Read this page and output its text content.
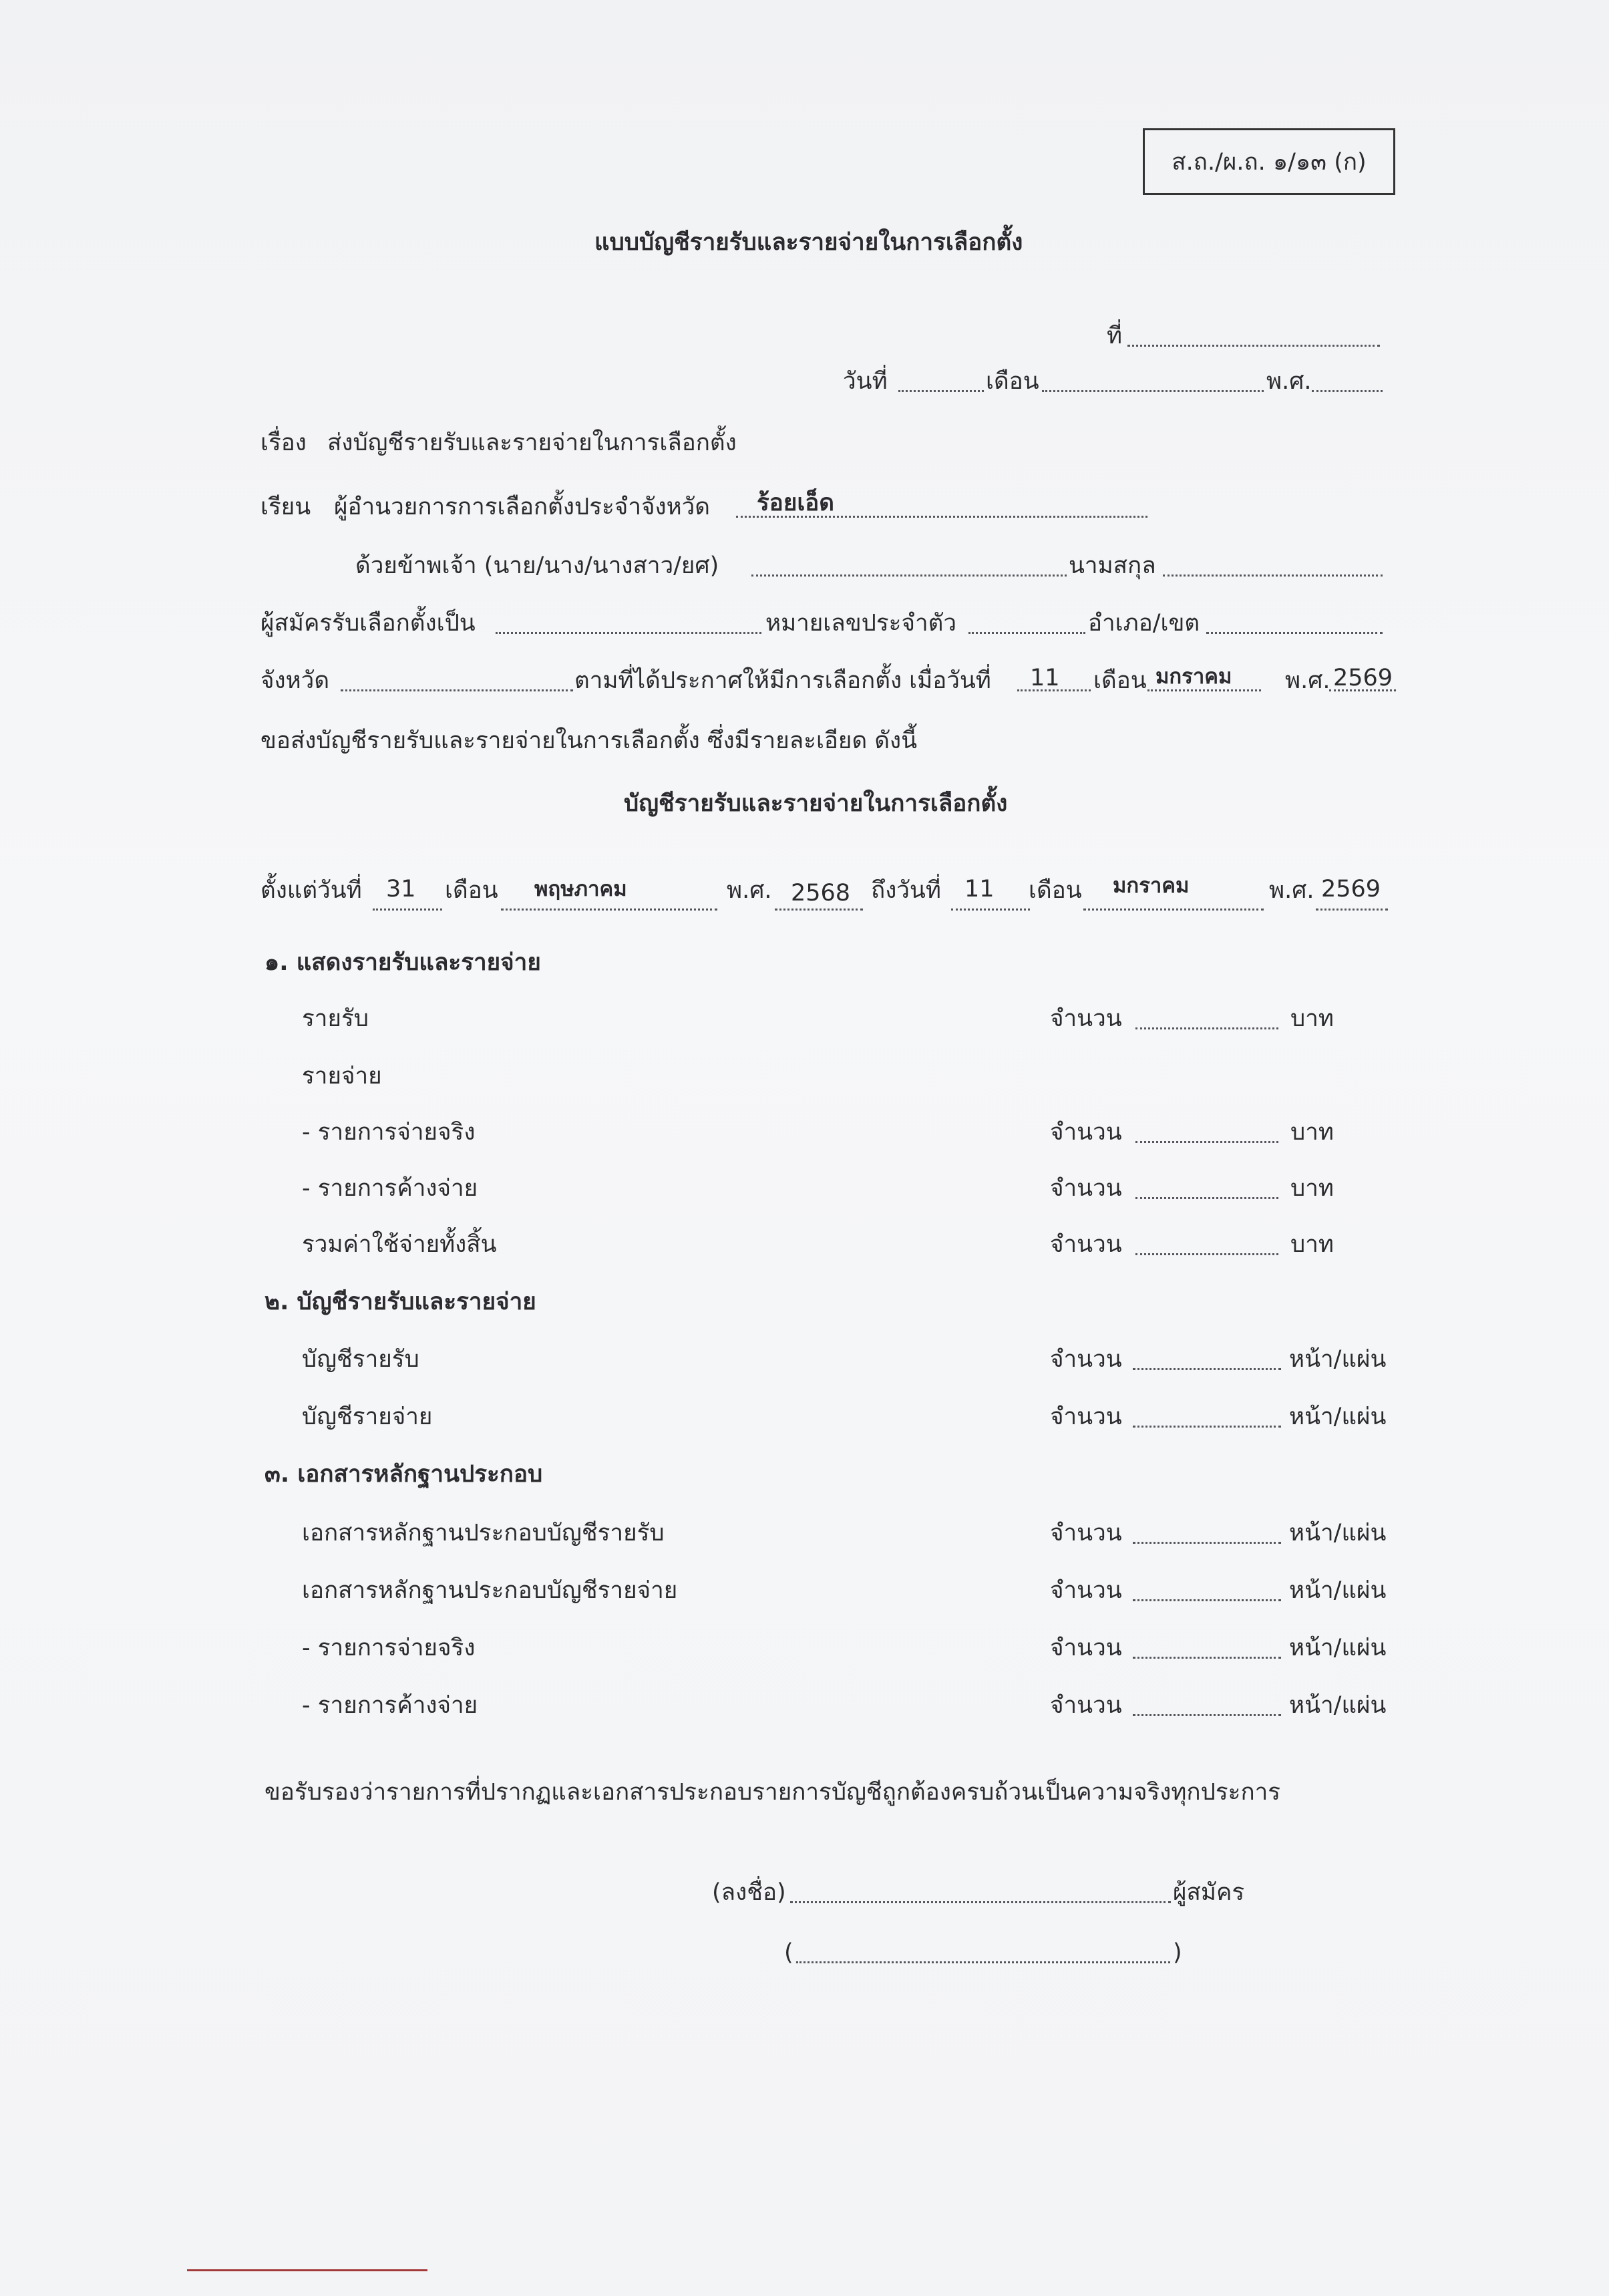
ส.ถ./ผ.ถ. ๑/๑๓ (ก)
แบบบัญชีรายรับและรายจ่ายในการเลือกตั้ง
ที่
วันที่	เดือน	พ.ศ.
เรื่อง ส่งบัญชีรายรับและรายจ่ายในการเลือกตั้ง
เรียน ผู้อำนวยการการเลือกตั้งประจำจังหวัด ร้อยเอ็ด
ด้วยข้าพเจ้า (นาย/นาง/นางสาว/ยศ)	นามสกุล
ผู้สมัครรับเลือกตั้งเป็น	หมายเลขประจำตัว	อำเภอ/เขต
จังหวัด	ตามที่ได้ประกาศให้มีการเลือกตั้ง เมื่อวันที่ 11 เดือน มกราคม พ.ศ. 2569
ขอส่งบัญชีรายรับและรายจ่ายในการเลือกตั้ง ซึ่งมีรายละเอียด ดังนี้
บัญชีรายรับและรายจ่ายในการเลือกตั้ง
ตั้งแต่วันที่ 31 เดือน พฤษภาคม	พ.ศ. 2568 ถึงวันที่ 11 เดือน มกราคม	พ.ศ. 2569
๑. แสดงรายรับและรายจ่าย
รายรับ	จำนวน	บาท
รายจ่าย
- รายการจ่ายจริง	จำนวน	บาท
- รายการค้างจ่าย	จำนวน	บาท
รวมค่าใช้จ่ายทั้งสิ้น	จำนวน	บาท
๒. บัญชีรายรับและรายจ่าย
บัญชีรายรับ	จำนวน	หน้า/แผ่น
บัญชีรายจ่าย	จำนวน	หน้า/แผ่น
๓. เอกสารหลักฐานประกอบ
เอกสารหลักฐานประกอบบัญชีรายรับ	จำนวน	หน้า/แผ่น
เอกสารหลักฐานประกอบบัญชีรายจ่าย	จำนวน	หน้า/แผ่น
- รายการจ่ายจริง	จำนวน	หน้า/แผ่น
- รายการค้างจ่าย	จำนวน	หน้า/แผ่น
ขอรับรองว่ารายการที่ปรากฏและเอกสารประกอบรายการบัญชีถูกต้องครบถ้วนเป็นความจริงทุกประการ
(ลงชื่อ)	ผู้สมัคร
(	)
